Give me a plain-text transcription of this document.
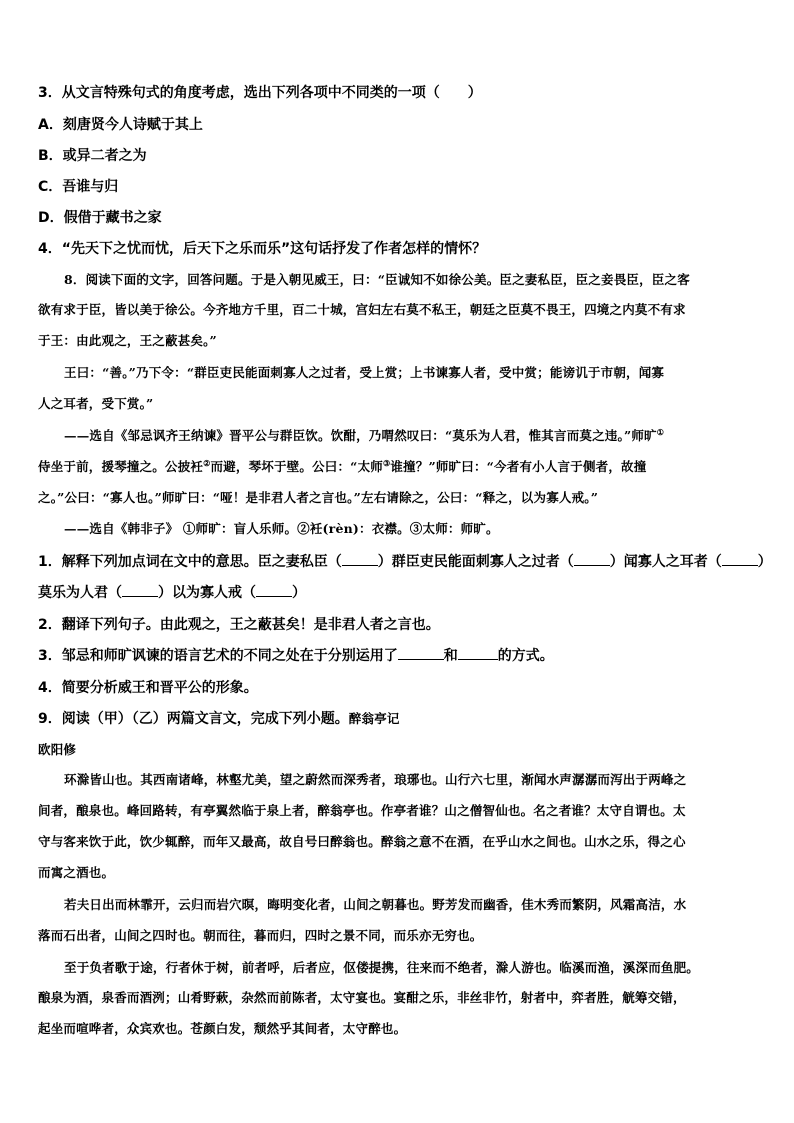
3．从文言特殊句式的角度考虑，选出下列各项中不同类的一项（　　）
A．刻唐贤今人诗赋于其上
B．或异二者之为
C．吾谁与归
D．假借于藏书之家
4．“先天下之忧而忧，后天下之乐而乐”这句话抒发了作者怎样的情怀？
8．阅读下面的文字，回答问题。于是入朝见威王，曰：“臣诚知不如徐公美。臣之妻私臣，臣之妾畏臣，臣之客
欲有求于臣，皆以美于徐公。今齐地方千里，百二十城，宫妇左右莫不私王，朝廷之臣莫不畏王，四境之内莫不有求
于王：由此观之，王之蔽甚矣。”
王曰：“善。”乃下令：“群臣吏民能面刺寡人之过者，受上赏；上书谏寡人者，受中赏；能谤讥于市朝，闻寡
人之耳者，受下赏。”
——选自《邹忌讽齐王纳谏》晋平公与群臣饮。饮酣，乃喟然叹曰：“莫乐为人君，惟其言而莫之违。”师旷①
侍坐于前，援琴撞之。公披衽②而避，琴坏于壁。公曰：“太师③谁撞？”师旷曰：“今者有小人言于侧者，故撞
之。”公曰：“寡人也。”师旷曰：“哑！是非君人者之言也。”左右请除之，公曰：“释之，以为寡人戒。”
——选自《韩非子》 ①师旷：盲人乐师。②衽(rèn)：衣襟。③太师：师旷。
1．解释下列加点词在文中的意思。臣之妻私臣（	）群臣吏民能面刺寡人之过者（	）闻寡人之耳者（	）
莫乐为人君（	）以为寡人戒（	）
2．翻译下列句子。由此观之，王之蔽甚矣！是非君人者之言也。
3．邹忌和师旷讽谏的语言艺术的不同之处在于分别运用了	和	的方式。
4．简要分析威王和晋平公的形象。
9．阅读（甲）（乙）两篇文言文，完成下列小题。醉翁亭记
欧阳修
环滁皆山也。其西南诸峰，林壑尤美，望之蔚然而深秀者，琅琊也。山行六七里，渐闻水声潺潺而泻出于两峰之
间者，酿泉也。峰回路转，有亭翼然临于泉上者，醉翁亭也。作亭者谁？山之僧智仙也。名之者谁？太守自谓也。太
守与客来饮于此，饮少辄醉，而年又最高，故自号曰醉翁也。醉翁之意不在酒，在乎山水之间也。山水之乐，得之心
而寓之酒也。
若夫日出而林霏开，云归而岩穴暝，晦明变化者，山间之朝暮也。野芳发而幽香，佳木秀而繁阴，风霜高洁，水
落而石出者，山间之四时也。朝而往，暮而归，四时之景不同，而乐亦无穷也。
至于负者歌于途，行者休于树，前者呼，后者应，伛偻提携，往来而不绝者，滁人游也。临溪而渔，溪深而鱼肥。
酿泉为酒，泉香而酒洌；山肴野蔌，杂然而前陈者，太守宴也。宴酣之乐，非丝非竹，射者中，弈者胜，觥筹交错，
起坐而喧哗者，众宾欢也。苍颜白发，颓然乎其间者，太守醉也。
